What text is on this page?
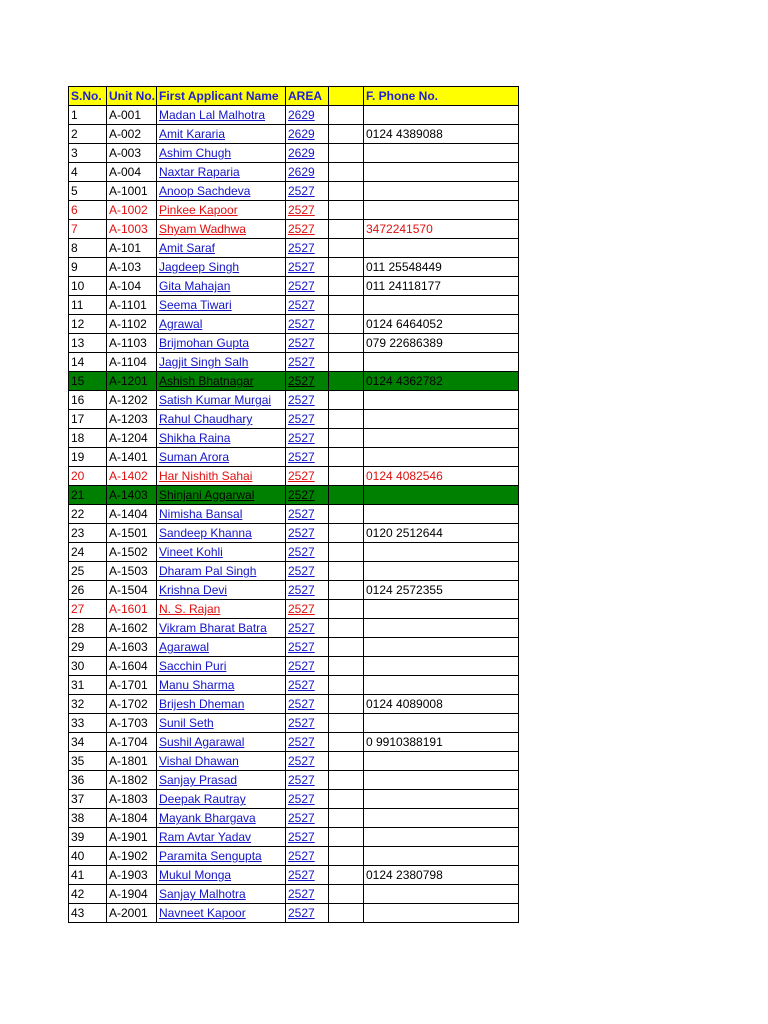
S.No.	Unit No.	First Applicant Name	AREA		F. Phone No.
1	A-001	Madan Lal Malhotra	2629		
2	A-002	Amit Kararia	2629		0124 4389088
3	A-003	Ashim Chugh	2629		
4	A-004	Naxtar Raparia	2629		
5	A-1001	Anoop Sachdeva	2527		
6	A-1002	Pinkee Kapoor	2527		
7	A-1003	Shyam Wadhwa	2527		3472241570
8	A-101	Amit Saraf	2527		
9	A-103	Jagdeep Singh	2527		011 25548449
10	A-104	Gita Mahajan	2527		011 24118177
11	A-1101	Seema Tiwari	2527		
12	A-1102	Agrawal	2527		0124 6464052
13	A-1103	Brijmohan Gupta	2527		079 22686389
14	A-1104	Jagjit Singh Salh	2527		
15	A-1201	Ashish Bhatnagar	2527		0124 4362782
16	A-1202	Satish Kumar Murgai	2527		
17	A-1203	Rahul Chaudhary	2527		
18	A-1204	Shikha Raina	2527		
19	A-1401	Suman Arora	2527		
20	A-1402	Har Nishith Sahai	2527		0124 4082546
21	A-1403	Shinjani Aggarwal	2527		
22	A-1404	Nimisha Bansal	2527		
23	A-1501	Sandeep Khanna	2527		0120 2512644
24	A-1502	Vineet Kohli	2527		
25	A-1503	Dharam Pal Singh	2527		
26	A-1504	Krishna Devi	2527		0124 2572355
27	A-1601	N. S. Rajan	2527		
28	A-1602	Vikram Bharat Batra	2527		
29	A-1603	Agarawal	2527		
30	A-1604	Sacchin Puri	2527		
31	A-1701	Manu Sharma	2527		
32	A-1702	Brijesh Dheman	2527		0124 4089008
33	A-1703	Sunil Seth	2527		
34	A-1704	Sushil Agarawal	2527		0 9910388191
35	A-1801	Vishal Dhawan	2527		
36	A-1802	Sanjay Prasad	2527		
37	A-1803	Deepak Rautray	2527		
38	A-1804	Mayank Bhargava	2527		
39	A-1901	Ram Avtar Yadav	2527		
40	A-1902	Paramita Sengupta	2527		
41	A-1903	Mukul Monga	2527		0124 2380798
42	A-1904	Sanjay Malhotra	2527		
43	A-2001	Navneet Kapoor	2527		
